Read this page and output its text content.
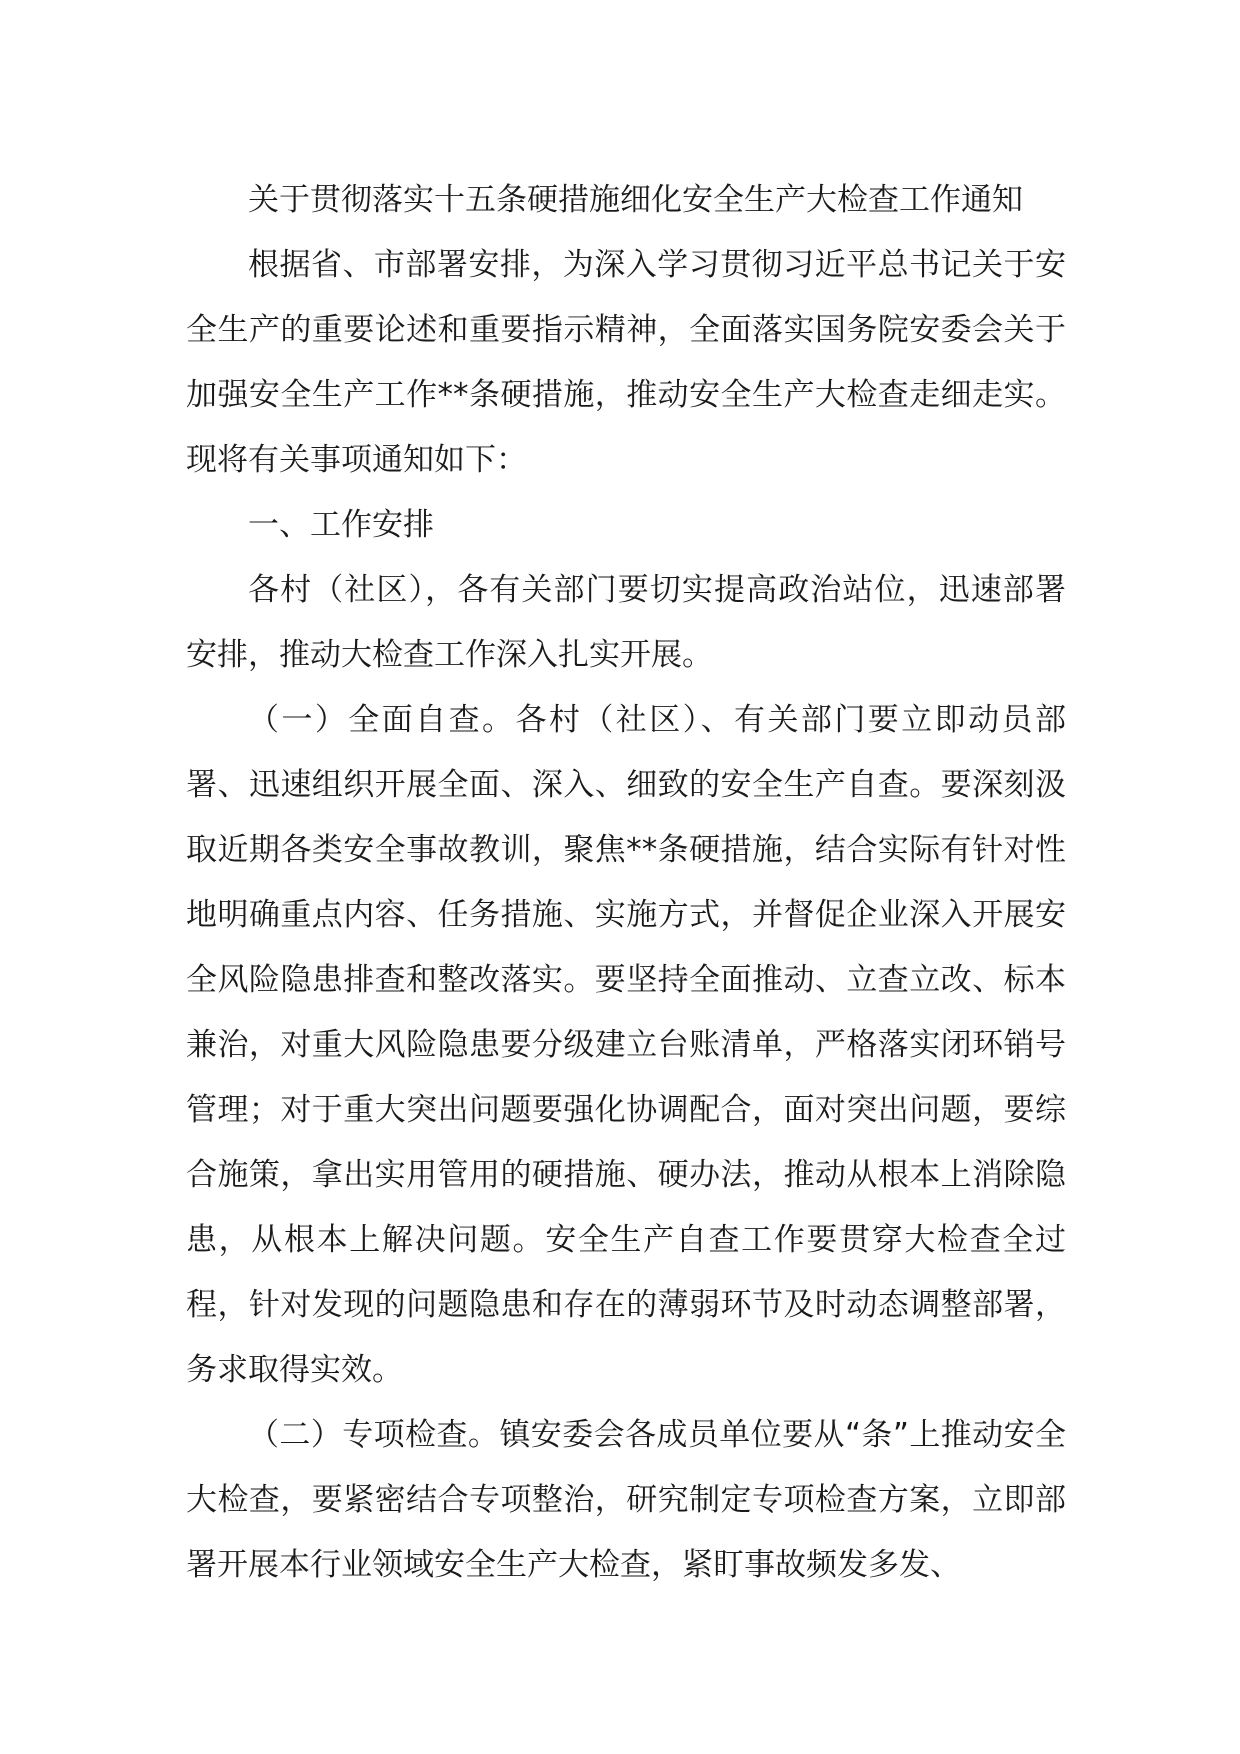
关于贯彻落实十五条硬措施细化安全生产大检查工作通知

根据省、市部署安排，为深入学习贯彻习近平总书记关于安全生产的重要论述和重要指示精神，全面落实国务院安委会关于加强安全生产工作**条硬措施，推动安全生产大检查走细走实。现将有关事项通知如下：

一、工作安排

各村（社区），各有关部门要切实提高政治站位，迅速部署安排，推动大检查工作深入扎实开展。

（一）全面自查。各村（社区）、有关部门要立即动员部署、迅速组织开展全面、深入、细致的安全生产自查。要深刻汲取近期各类安全事故教训，聚焦**条硬措施，结合实际有针对性地明确重点内容、任务措施、实施方式，并督促企业深入开展安全风险隐患排查和整改落实。要坚持全面推动、立查立改、标本兼治，对重大风险隐患要分级建立台账清单，严格落实闭环销号管理；对于重大突出问题要强化协调配合，面对突出问题，要综合施策，拿出实用管用的硬措施、硬办法，推动从根本上消除隐患，从根本上解决问题。安全生产自查工作要贯穿大检查全过程，针对发现的问题隐患和存在的薄弱环节及时动态调整部署，务求取得实效。

（二）专项检查。镇安委会各成员单位要从“条”上推动安全大检查，要紧密结合专项整治，研究制定专项检查方案，立即部署开展本行业领域安全生产大检查，紧盯事故频发多发、
